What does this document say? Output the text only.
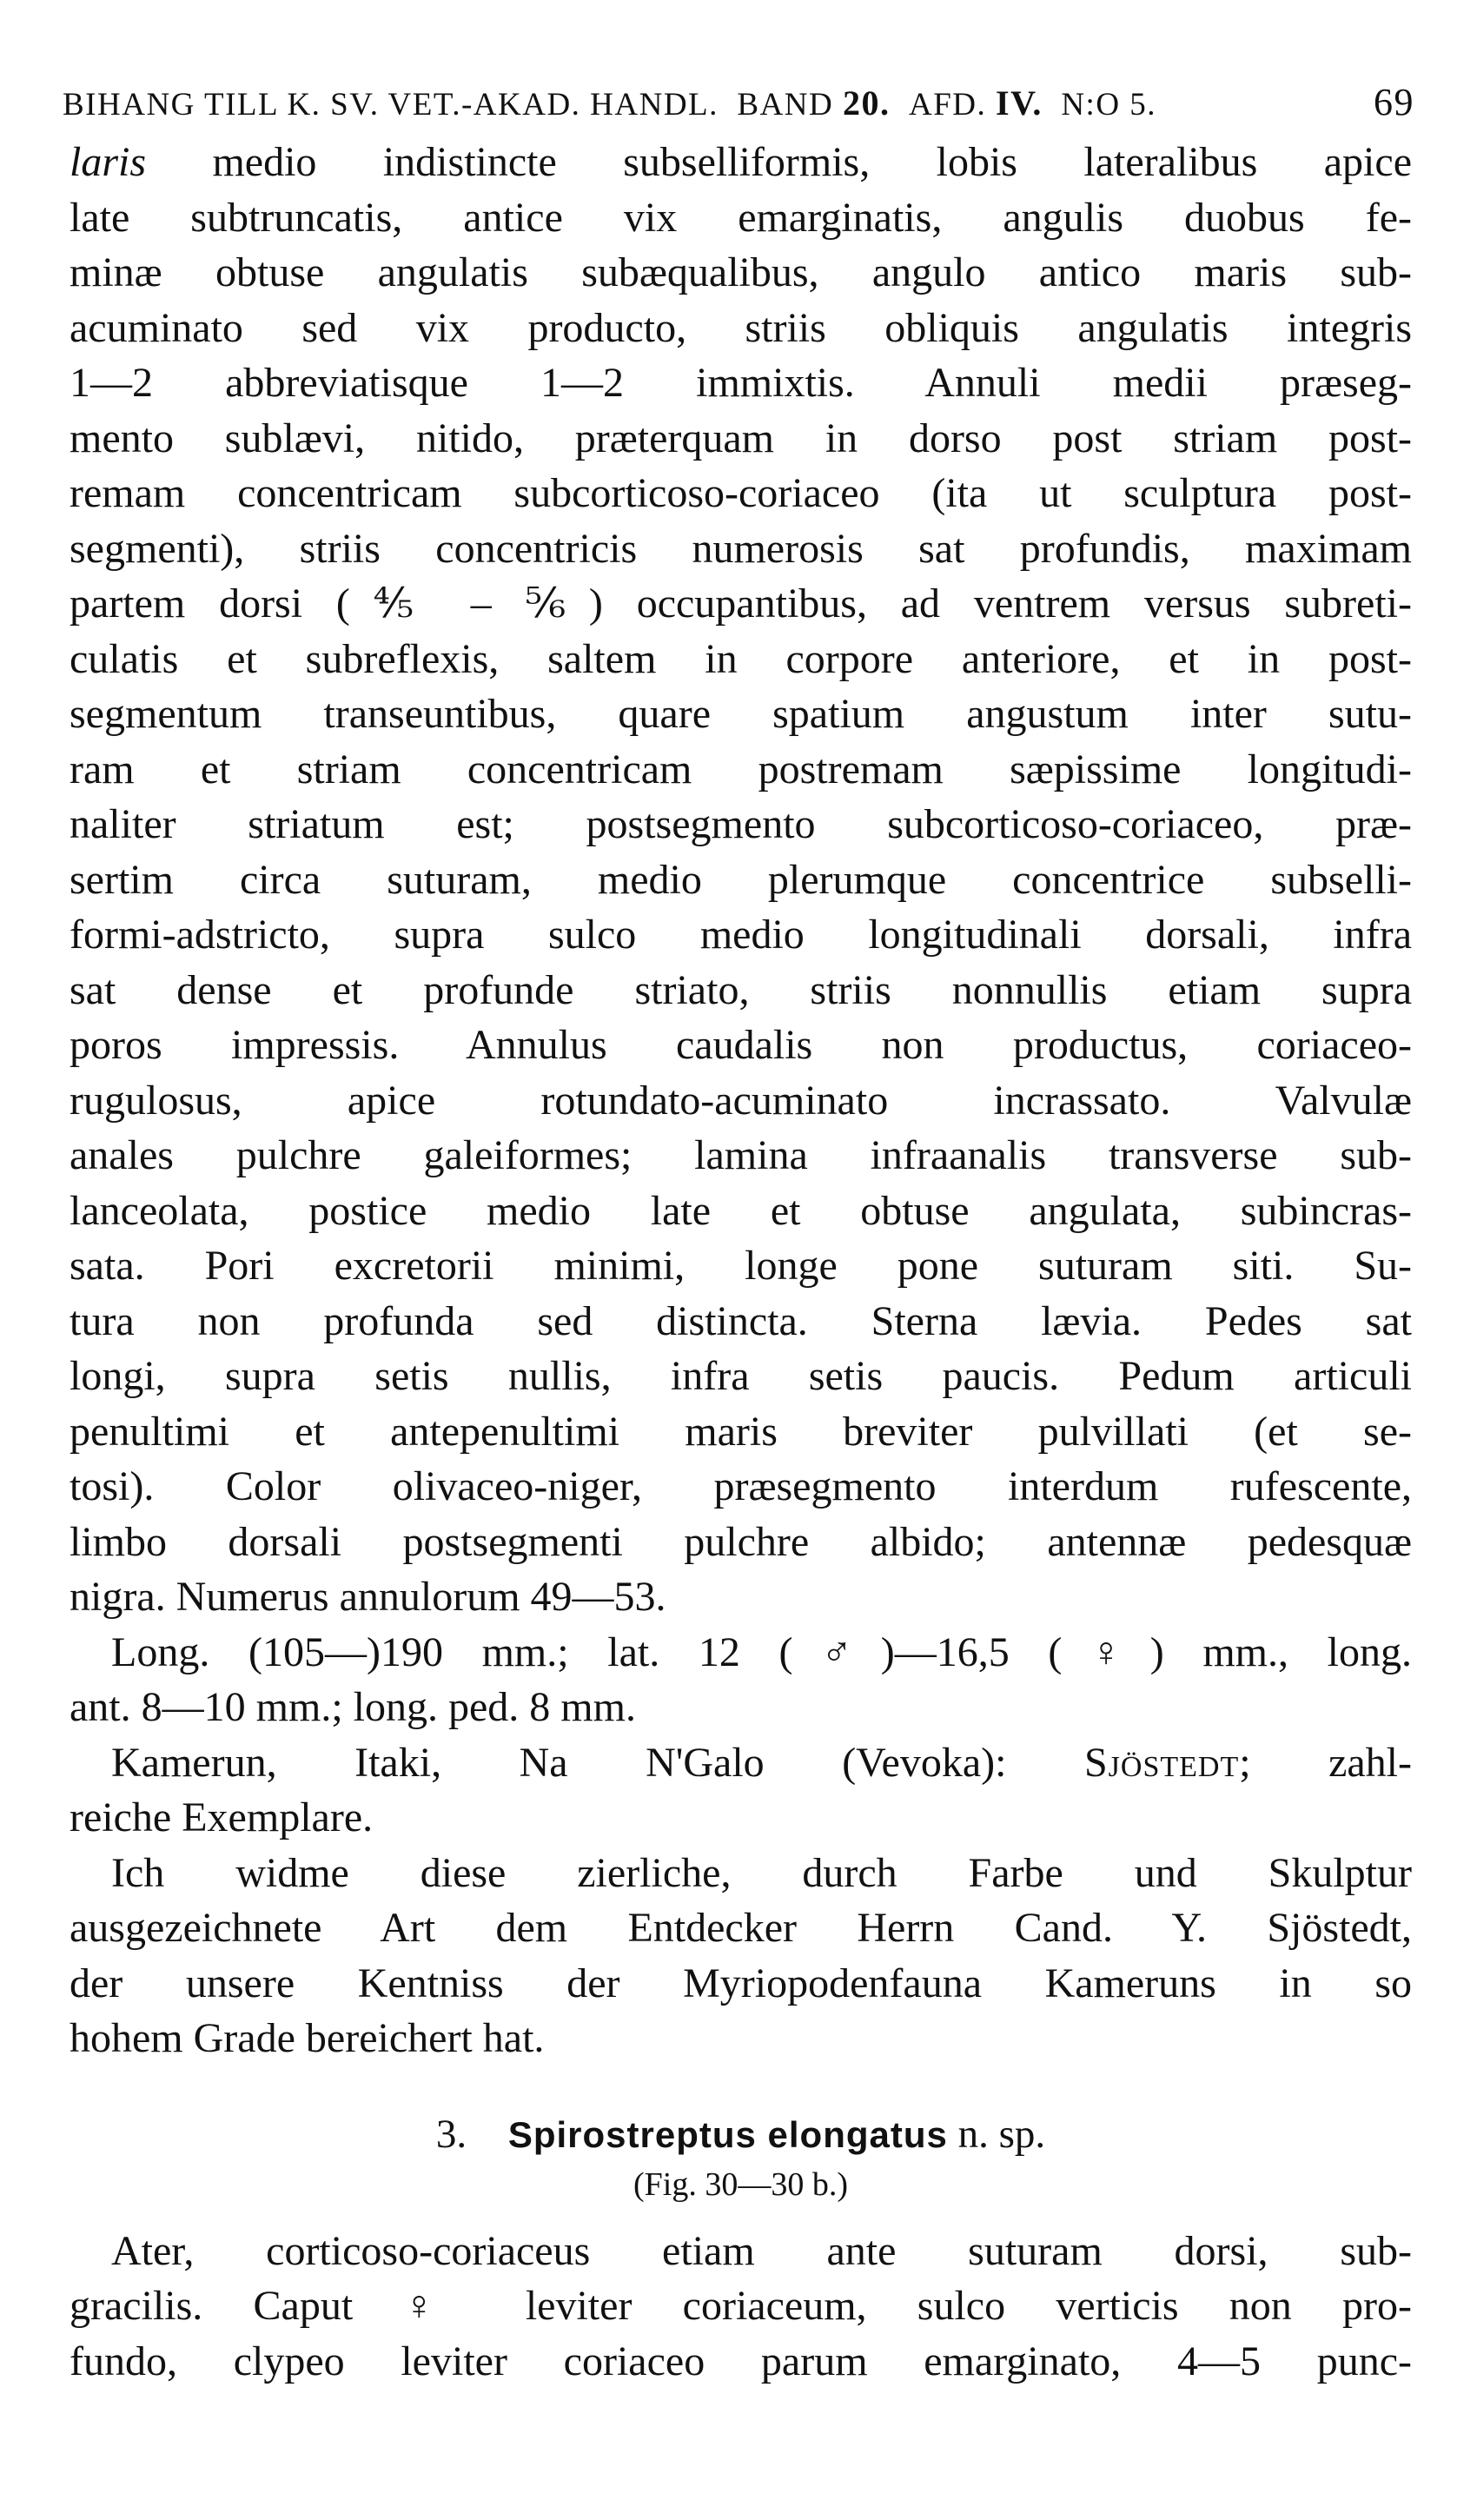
BIHANG TILL K. SV. VET.-AKAD. HANDL. BAND 20. AFD. IV. N:O 5.	69

laris medio indistincte subselliformis, lobis lateralibus apice
late subtruncatis, antice vix emarginatis, angulis duobus fe-
minæ obtuse angulatis subæqualibus, angulo antico maris sub-
acuminato sed vix producto, striis obliquis angulatis integris
1—2 abbreviatisque 1—2 immixtis. Annuli medii præseg-
mento sublævi, nitido, præterquam in dorso post striam post-
remam concentricam subcorticoso-coriaceo (ita ut sculptura post-
segmenti), striis concentricis numerosis sat profundis, maximam
partem dorsi (⅘ – ⅚) occupantibus, ad ventrem versus subreti-
culatis et subreflexis, saltem in corpore anteriore, et in post-
segmentum transeuntibus, quare spatium angustum inter sutu-
ram et striam concentricam postremam sæpissime longitudi-
naliter striatum est; postsegmento subcorticoso-coriaceo, præ-
sertim circa suturam, medio plerumque concentrice subselli-
formi-adstricto, supra sulco medio longitudinali dorsali, infra
sat dense et profunde striato, striis nonnullis etiam supra
poros impressis. Annulus caudalis non productus, coriaceo-
rugulosus, apice rotundato-acuminato incrassato. Valvulæ
anales pulchre galeiformes; lamina infraanalis transverse sub-
lanceolata, postice medio late et obtuse angulata, subincras-
sata. Pori excretorii minimi, longe pone suturam siti. Su-
tura non profunda sed distincta. Sterna lævia. Pedes sat
longi, supra setis nullis, infra setis paucis. Pedum articuli
penultimi et antepenultimi maris breviter pulvillati (et se-
tosi). Color olivaceo-niger, præsegmento interdum rufescente,
limbo dorsali postsegmenti pulchre albido; antennæ pedesquæ
nigra. Numerus annulorum 49—53.

Long. (105—)190 mm.; lat. 12 (♂)—16,5 (♀) mm., long.

ant. 8—10 mm.; long. ped. 8 mm.

Kamerun, Itaki, Na N'Galo (Vevoka): Sjöstedt; zahl-

reiche Exemplare.

Ich widme diese zierliche, durch Farbe und Skulptur

ausgezeichnete Art dem Entdecker Herrn Cand. Y. Sjöstedt,
der unsere Kentniss der Myriopodenfauna Kameruns in so
hohem Grade bereichert hat.

3. Spirostreptus elongatus n. sp.
(Fig. 30—30 b.)

Ater, corticoso-coriaceus etiam ante suturam dorsi, sub-

gracilis. Caput ♀ leviter coriaceum, sulco verticis non pro-
fundo, clypeo leviter coriaceo parum emarginato, 4—5 punc-
